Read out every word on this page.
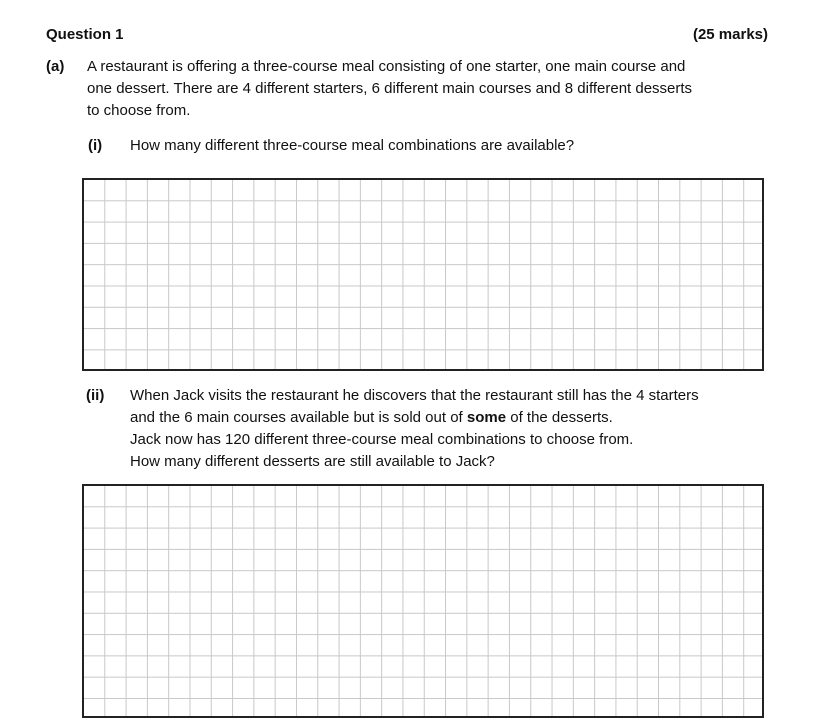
Question 1	(25 marks)
(a) A restaurant is offering a three-course meal consisting of one starter, one main course and
one dessert. There are 4 different starters, 6 different main courses and 8 different desserts
to choose from.
(i) How many different three-course meal combinations are available?
(ii) When Jack visits the restaurant he discovers that the restaurant still has the 4 starters
and the 6 main courses available but is sold out of some of the desserts.
Jack now has 120 different three-course meal combinations to choose from.
How many different desserts are still available to Jack?
